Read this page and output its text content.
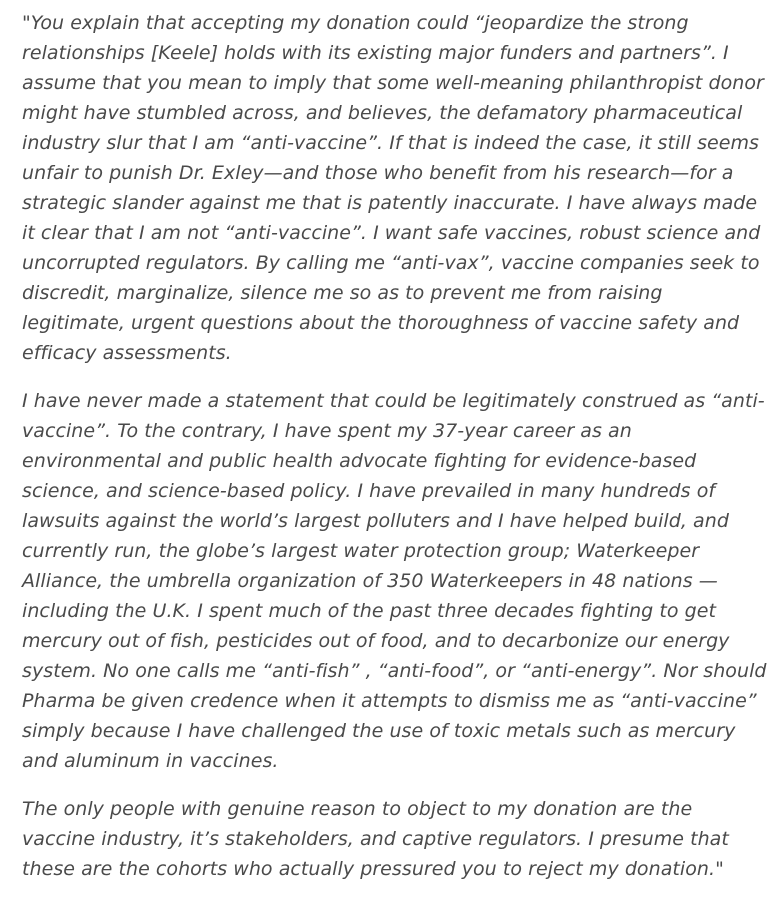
"You explain that accepting my donation could “jeopardize the strong relationships [Keele] holds with its existing major funders and partners”. I assume that you mean to imply that some well-meaning philanthropist donor might have stumbled across, and believes, the defamatory pharmaceutical industry slur that I am “anti-vaccine”. If that is indeed the case, it still seems unfair to punish Dr. Exley—and those who benefit from his research—for a strategic slander against me that is patently inaccurate. I have always made it clear that I am not “anti-vaccine”. I want safe vaccines, robust science and uncorrupted regulators. By calling me “anti-vax”, vaccine companies seek to discredit, marginalize, silence me so as to prevent me from raising legitimate, urgent questions about the thoroughness of vaccine safety and efficacy assessments.

I have never made a statement that could be legitimately construed as “anti-vaccine”. To the contrary, I have spent my 37-year career as an environmental and public health advocate fighting for evidence-based science, and science-based policy. I have prevailed in many hundreds of lawsuits against the world’s largest polluters and I have helped build, and currently run, the globe’s largest water protection group; Waterkeeper Alliance, the umbrella organization of 350 Waterkeepers in 48 nations —including the U.K. I spent much of the past three decades fighting to get mercury out of fish, pesticides out of food, and to decarbonize our energy system. No one calls me “anti-fish” , “anti-food”, or “anti-energy”. Nor should Pharma be given credence when it attempts to dismiss me as “anti-vaccine” simply because I have challenged the use of toxic metals such as mercury and aluminum in vaccines.

The only people with genuine reason to object to my donation are the vaccine industry, it’s stakeholders, and captive regulators. I presume that these are the cohorts who actually pressured you to reject my donation."
